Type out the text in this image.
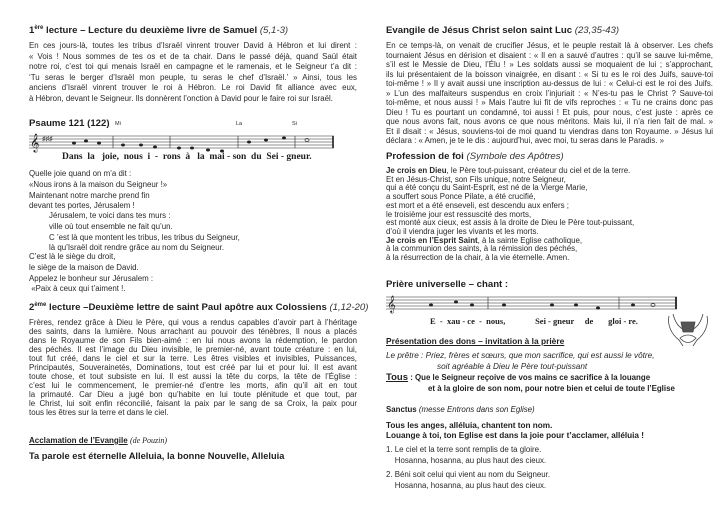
1ère lecture – Lecture du deuxième livre de Samuel (5,1-3)
En ces jours-là, toutes les tribus d’Israël vinrent trouver David à Hébron et lui dirent :
« Vois ! Nous sommes de tes os et de ta chair. Dans le passé déjà, quand Saül était
notre roi, c’est toi qui menais Israël en campagne et le ramenais, et le Seigneur t’a dit :
‘Tu seras le berger d’Israël mon peuple, tu seras le chef d’Israël.’ » Ainsi, tous les
anciens d’Israël vinrent trouver le roi à Hébron. Le roi David fit alliance avec eux,
à Hébron, devant le Seigneur. Ils donnèrent l’onction à David pour le faire roi sur Israël.
Psaume 121 (122)
𝄞 ♯♯♯
Mi	La	Si
Dans  la   joie,  nous  i  -  rons  à   la  mai - son  du  Sei - gneur.
Quelle joie quand on m’a dit :
«Nous irons à la maison du Seigneur !»
Maintenant notre marche prend fin
devant tes portes, Jérusalem !
Jérusalem, te voici dans tes murs :
ville où tout ensemble ne fait qu’un.
C ’est là que montent les tribus, les tribus du Seigneur,
là qu’Israël doit rendre grâce au nom du Seigneur.
C’est là le siège du droit,
le siège de la maison de David.
Appelez le bonheur sur Jérusalem :
«Paix à ceux qui t’aiment !.
2ème lecture –Deuxième lettre de saint Paul apôtre aux Colossiens (1,12-20)
Frères, rendez grâce à Dieu le Père, qui vous a rendus capables d’avoir part à l’héritage
des saints, dans la lumière. Nous arrachant au pouvoir des ténèbres, Il nous a placés
dans le Royaume de son Fils bien-aimé : en lui nous avons la rédemption, le pardon
des péchés. Il est l’image du Dieu invisible, le premier-né, avant toute créature : en lui,
tout fut créé, dans le ciel et sur la terre. Les êtres visibles et invisibles, Puissances,
Principautés, Souverainetés, Dominations, tout est créé par lui et pour lui. Il est avant
toute chose, et tout subsiste en lui. Il est aussi la tête du corps, la tête de l’Église :
c’est lui le commencement, le premier-né d’entre les morts, afin qu’il ait en tout
la primauté. Car Dieu a jugé bon qu’habite en lui toute plénitude et que tout, par
le Christ, lui soit enfin réconcilié, faisant la paix par le sang de sa Croix, la paix pour
tous les êtres sur la terre et dans le ciel.
Acclamation de l’Evangile (de Pouzin)
Ta parole est éternelle Alleluia, la bonne Nouvelle, Alleluia
Evangile de Jésus Christ selon saint Luc (23,35-43)
En ce temps-là, on venait de crucifier Jésus, et le peuple restait là à observer. Les chefs
tournaient Jésus en dérision et disaient : « Il en a sauvé d’autres : qu’il se sauve lui-même,
s’il est le Messie de Dieu, l’Élu ! » Les soldats aussi se moquaient de lui ; s’approchant,
ils lui présentaient de la boisson vinaigrée, en disant : « Si tu es le roi des Juifs, sauve-toi
toi-même ! » Il y avait aussi une inscription au-dessus de lui : « Celui-ci est le roi des Juifs.
» L’un des malfaiteurs suspendus en croix l’injuriait : « N’es-tu pas le Christ ? Sauve-toi
toi-même, et nous aussi ! » Mais l’autre lui fit de vifs reproches : « Tu ne crains donc pas
Dieu ! Tu es pourtant un condamné, toi aussi ! Et puis, pour nous, c’est juste : après ce
que nous avons fait, nous avons ce que nous méritons. Mais lui, il n’a rien fait de mal. »
Et il disait : « Jésus, souviens-toi de moi quand tu viendras dans ton Royaume. » Jésus lui
déclara : « Amen, je te le dis : aujourd’hui, avec moi, tu seras dans le Paradis. »
Profession de foi (Symbole des Apôtres)
Je crois en Dieu, le Père tout-puissant, créateur du ciel et de la terre.
Et en Jésus-Christ, son Fils unique, notre Seigneur,
qui a été conçu du Saint-Esprit, est né de la Vierge Marie,
a souffert sous Ponce Pilate, a été crucifié,
est mort et a été enseveli, est descendu aux enfers ;
le troisième jour est ressuscité des morts,
est monté aux cieux, est assis à la droite de Dieu le Père tout-puissant,
d’où il viendra juger les vivants et les morts.
Je crois en l’Esprit Saint, à la sainte Eglise catholique,
à la communion des saints, à la rémission des péchés,
à la résurrection de la chair, à la vie éternelle. Amen.
Prière universelle – chant :
𝄞
E  -  xau - ce  -  nous,              Sei - gneur     de       gloi - re.
Présentation des dons – invitation à la prière
Le prêtre : Priez, frères et sœurs, que mon sacrifice, qui est aussi le vôtre,
soit agréable à Dieu le Père tout-puissant
Tous : Que le Seigneur reçoive de vos mains ce sacrifice à la louange
et à la gloire de son nom, pour notre bien et celui de toute l’Eglise
Sanctus (messe Entrons dans son Eglise)
Tous les anges, alléluia, chantent ton nom.
Louange à toi, ton Eglise est dans la joie pour t’acclamer, alléluia !
1. Le ciel et la terre sont remplis de ta gloire.
Hosanna, hosanna, au plus haut des cieux.
2. Béni soit celui qui vient au nom du Seigneur.
Hosanna, hosanna, au plus haut des cieux.
